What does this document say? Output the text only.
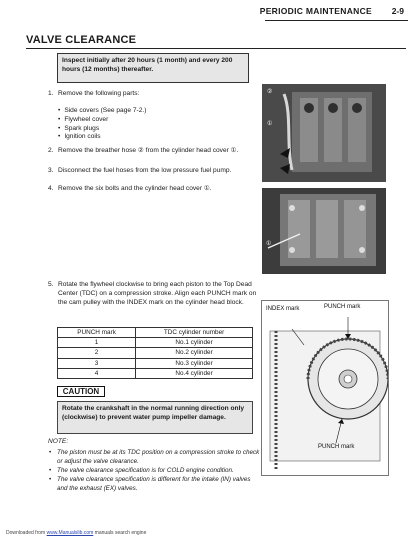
PERIODIC MAINTENANCE 2-9
VALVE CLEARANCE
Inspect initially after 20 hours (1 month) and every 200 hours (12 months) thereafter.
1. Remove the following parts:
• Side covers (See page 7-2.)
• Flywheel cover
• Spark plugs
• Ignition coils
2. Remove the breather hose ② from the cylinder head cover ①.
3. Disconnect the fuel hoses from the low pressure fuel pump.
4. Remove the six bolts and the cylinder head cover ①.
②
①
①
5. Rotate the flywheel clockwise to bring each piston to the Top Dead Center (TDC) on a compression stroke. Align each PUNCH mark on the cam pulley with the INDEX mark on the cylinder head block.
INDEX mark	PUNCH mark
PUNCH mark
PUNCH mark	TDC cylinder number
1	No.1 cylinder
2	No.2 cylinder
3	No.3 cylinder
4	No.4 cylinder
CAUTION
Rotate the crankshaft in the normal running direction only (clockwise) to prevent water pump impeller damage.
NOTE:
• The piston must be at its TDC position on a compression stroke to check or adjust the valve clearance.
• The valve clearance specification is for COLD engine condition.
• The valve clearance specification is different for the intake (IN) valves and the exhaust (EX) valves.
Downloaded from www.Manualslib.com manuals search engine
